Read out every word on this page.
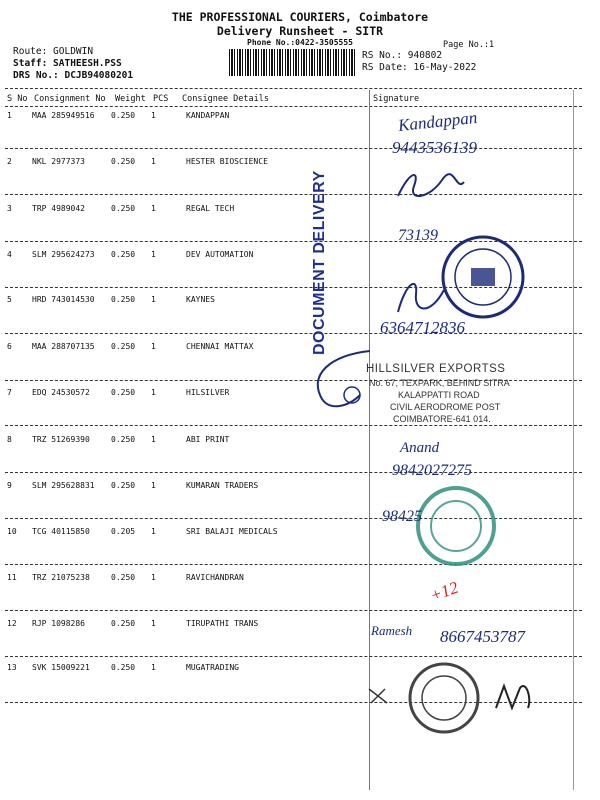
THE PROFESSIONAL COURIERS, Coimbatore
Delivery Runsheet - SITR
Phone No.:0422-3505555	Page No.:1
Route: GOLDWIN
Staff: SATHEESH.PSS
DRS No.: DCJB94080201
RS No.: 940802
RS Date: 16-May-2022
S No Consignment No Weight PCS Consignee Details	Signature
1	MAA 285949516 0.250 1	KANDAPPAN
2	NKL 2977373	0.250 1	HESTER BIOSCIENCE
3	TRP 4989042	0.250 1	REGAL TECH
4	SLM 295624273 0.250 1	DEV AUTOMATION
5	HRD 743014530 0.250 1	KAYNES
6	MAA 288707135 0.250 1	CHENNAI MATTAX
7	EDQ 24530572	0.250 1	HILSILVER
8	TRZ 51269390	0.250 1	ABI PRINT
9	SLM 295628831 0.250 1	KUMARAN TRADERS
10 TCG 40115850	0.205 1	SRI BALAJI MEDICALS
11 TRZ 21075238	0.250 1	RAVICHANDRAN
12 RJP 1098286	0.250 1	TIRUPATHI TRANS
13 SVK 15009221	0.250 1	MUGATRADING
DOCUMENT DELIVERY
HILLSILVER EXPORTSS
No. 67, TEXPARK, BEHIND SITRA
KALAPPATTI ROAD
CIVIL AERODROME POST
COIMBATORE-641 014.
Kandappan
9443536139
73139
6364712836
Anand
9842027275
98425
+12
Ramesh 8667453787
